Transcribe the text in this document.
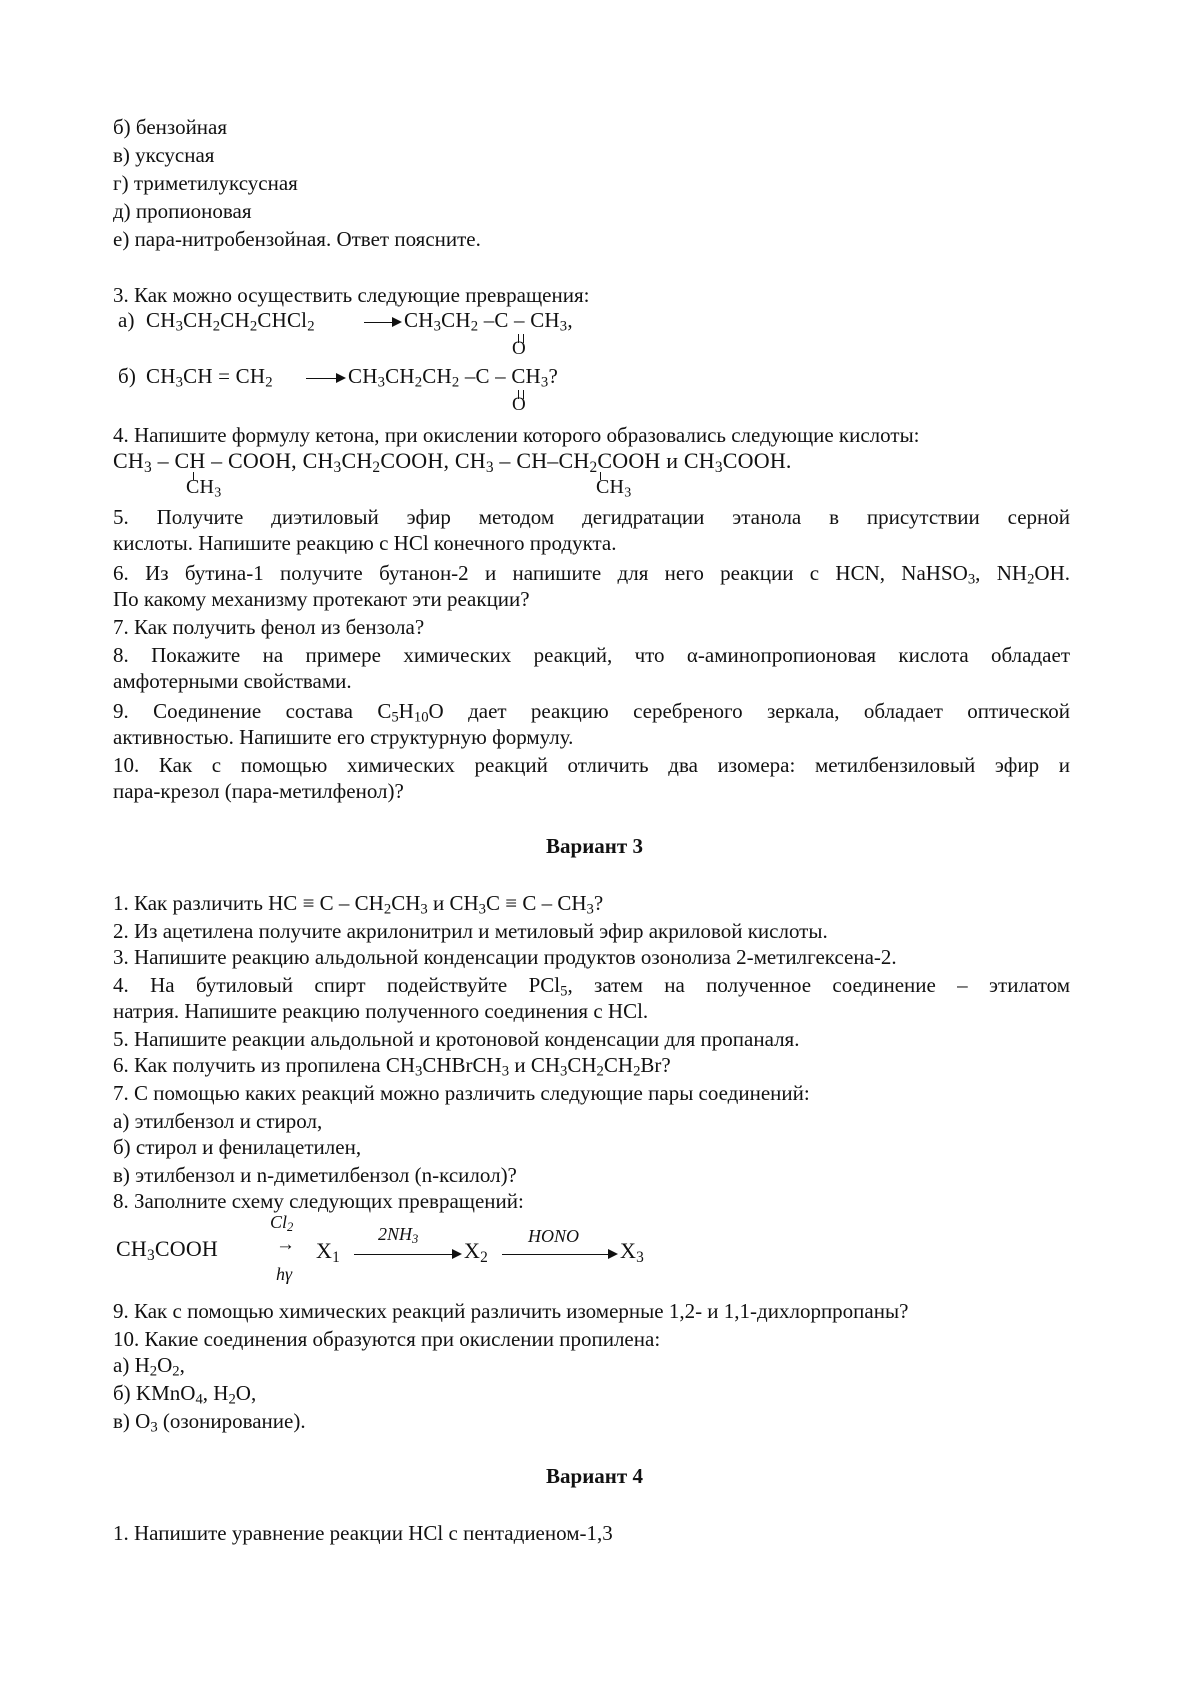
б) бензойная
в) уксусная
г) триметилуксусная
д) пропионовая
е) пара-нитробензойная. Ответ поясните.
3. Как можно осуществить следующие превращения:
а) $CH_3CH_2CH_2CHCl_2$	$CH_3CH_2$ $-C - CH_3$,
O
б) $CH_3CH = CH_2$	$CH_3CH_2CH_2$ $-C - CH_3$?
O
4. Напишите формулу кетона, при окислении которого образовались следующие кислоты:
$CH_3$ – CH – COOH, $CH_3CH_2COOH$, $CH_3$ – $CH-CH_2COOH$ и $CH_3COOH$.
$CH_3$	$CH_3$
5. Получите диэтиловый эфир методом дегидратации этанола в присутствии серной
кислоты. Напишите реакцию с HCl конечного продукта.
6. Из бутина-1 получите бутанон-2 и напишите для него реакции с HCN, NaHSO$_3$, $NH_2OH$.
По какому механизму протекают эти реакции?
7. Как получить фенол из бензола?
8. Покажите на примере химических реакций, что α-аминопропионовая кислота обладает
амфотерными свойствами.
9. Соединение состава $C_5H_{10}O$ дает реакцию серебреного зеркала, обладает оптической
активностью. Напишите его структурную формулу.
10. Как с помощью химических реакций отличить два изомера: метилбензиловый эфир и
пара-крезол (пара-метилфенол)?
Вариант 3
1. Как различить HC ≡ C – $CH_2CH_3$ и $CH_3C \equiv C - CH_3$?
2. Из ацетилена получите акрилонитрил и метиловый эфир акриловой кислоты.
3. Напишите реакцию альдольной конденсации продуктов озонолиза 2-метилгексена-2.
4. На бутиловый спирт подействуйте PCl$_5$, затем на полученное соединение – этилатом
натрия. Напишите реакцию полученного соединения с HCl.
5. Напишите реакции альдольной и кротоновой конденсации для пропаналя.
6. Как получить из пропилена $CH_3CHBrCH_3$ и $CH_3CH_2CH_2Br$?
7. С помощью каких реакций можно различить следующие пары соединений:
а) этилбензол и стирол,
б) стирол и фенилацетилен,
в) этилбензол и n-диметилбензол (n-ксилол)?
8. Заполните схему следующих превращений:
$CH_3COOH$
$Cl_2$
→
hγ
$X_1$
$2NH_3$ $X_2$
HONO
$X_3$
9. Как с помощью химических реакций различить изомерные 1,2- и 1,1-дихлорпропаны?
10. Какие соединения образуются при окислении пропилена:
а) $H_2O_2$,
б) KMnO$_4$, $H_2O$,
в) $O_3$ (озонирование).
Вариант 4
1. Напишите уравнение реакции HCl с пентадиеном-1,3
